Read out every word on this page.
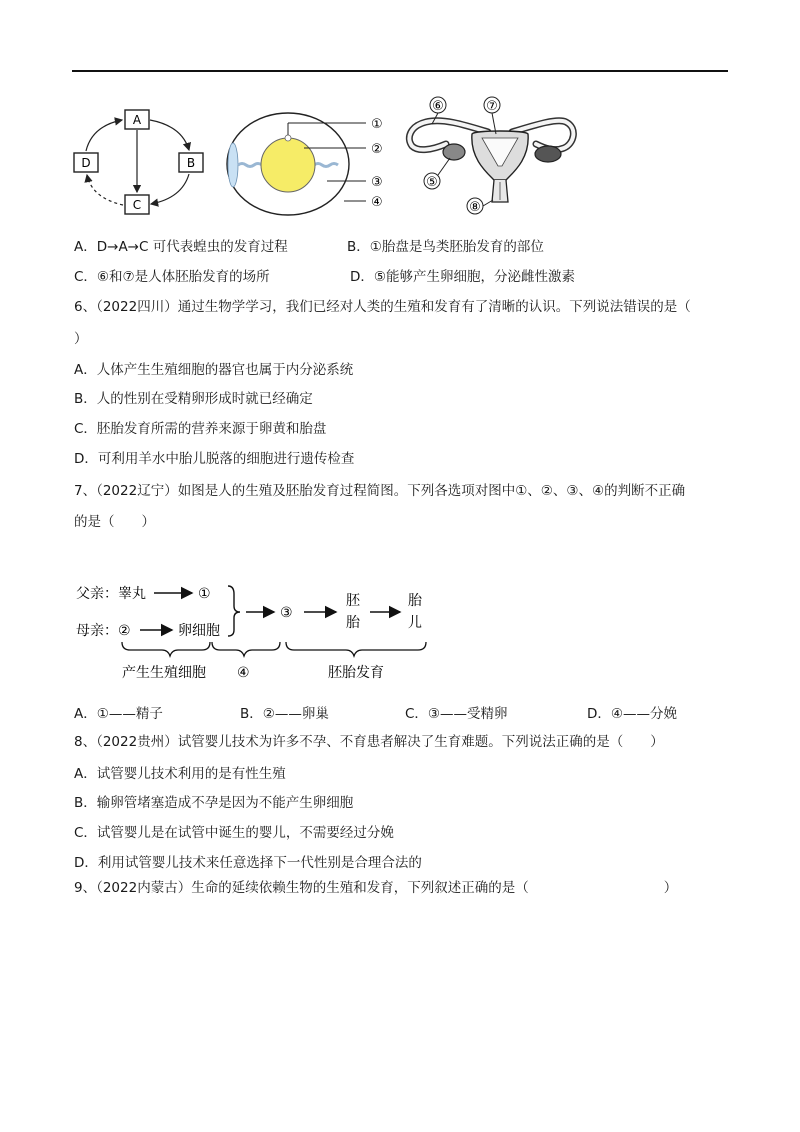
A
B
C
D
①
②
③
④
⑥	⑦
⑤
⑧
A．D→A→C 可代表蝗虫的发育过程	B．①胎盘是鸟类胚胎发育的部位
C．⑥和⑦是人体胚胎发育的场所	D．⑤能够产生卵细胞，分泌雌性激素
6、（2022四川）通过生物学学习，我们已经对人类的生殖和发育有了清晰的认识。下列说法错误的是（
）
A．人体产生生殖细胞的器官也属于内分泌系统
B．人的性别在受精卵形成时就已经确定
C．胚胎发育所需的营养来源于卵黄和胎盘
D．可利用羊水中胎儿脱落的细胞进行遗传检查
7、（2022辽宁）如图是人的生殖及胚胎发育过程简图。下列各选项对图中①、②、③、④的判断不正确
的是（　　）
父亲：睾丸	①
母亲：②	卵细胞
③
胚
胎
胎
儿
产生生殖细胞 ④	胚胎发育
A．①——精子	B．②——卵巢	C．③——受精卵	D．④——分娩
8、（2022贵州）试管婴儿技术为许多不孕、不育患者解决了生育难题。下列说法正确的是（　　）
A．试管婴儿技术利用的是有性生殖
B．输卵管堵塞造成不孕是因为不能产生卵细胞
C．试管婴儿是在试管中诞生的婴儿，不需要经过分娩
D．利用试管婴儿技术来任意选择下一代性别是合理合法的
9、（2022内蒙古）生命的延续依赖生物的生殖和发育，下列叙述正确的是（　　　　　　　　　　）
